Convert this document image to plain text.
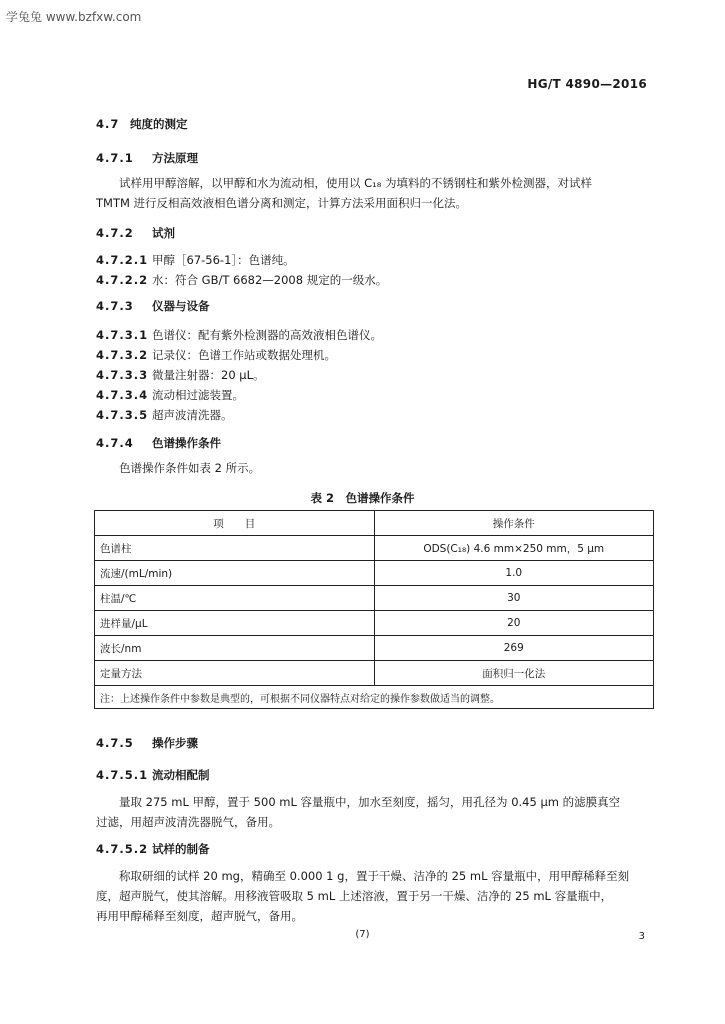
学兔兔 www.bzfxw.com
HG/T 4890—2016
4.7 纯度的测定
4.7.1 方法原理
试样用甲醇溶解，以甲醇和水为流动相，使用以 C₁₈ 为填料的不锈钢柱和紫外检测器，对试样
TMTM 进行反相高效液相色谱分离和测定，计算方法采用面积归一化法。
4.7.2 试剂
4.7.2.1 甲醇［67-56-1］：色谱纯。
4.7.2.2 水：符合 GB/T 6682—2008 规定的一级水。
4.7.3 仪器与设备
4.7.3.1 色谱仪：配有紫外检测器的高效液相色谱仪。
4.7.3.2 记录仪：色谱工作站或数据处理机。
4.7.3.3 微量注射器：20 μL。
4.7.3.4 流动相过滤装置。
4.7.3.5 超声波清洗器。
4.7.4 色谱操作条件
色谱操作条件如表 2 所示。
表 2　色谱操作条件
项　　目	操作条件
色谱柱	ODS(C₁₈) 4.6 mm×250 mm，5 μm
流速/(mL/min)	1.0
柱温/℃	30
进样量/μL	20
波长/nm	269
定量方法	面积归一化法
注：上述操作条件中参数是典型的，可根据不同仪器特点对给定的操作参数做适当的调整。	
4.7.5 操作步骤
4.7.5.1 流动相配制
量取 275 mL 甲醇，置于 500 mL 容量瓶中，加水至刻度，摇匀，用孔径为 0.45 μm 的滤膜真空
过滤，用超声波清洗器脱气，备用。
4.7.5.2 试样的制备
称取研细的试样 20 mg，精确至 0.000 1 g，置于干燥、洁净的 25 mL 容量瓶中，用甲醇稀释至刻
度，超声脱气，使其溶解。用移液管吸取 5 mL 上述溶液，置于另一干燥、洁净的 25 mL 容量瓶中，
再用甲醇稀释至刻度，超声脱气，备用。
(7)	3
